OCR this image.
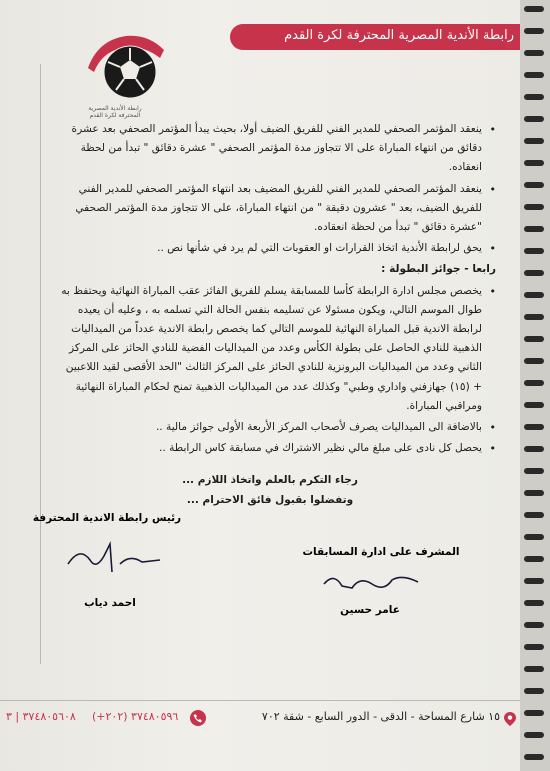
رابطة الأندية المصرية المحترفة لكرة القدم
رابطة الأندية المصرية المحترفة لكرة القدم

• ينعقد المؤتمر الصحفي للمدير الفني للفريق الضيف أولا، بحيث يبدأ المؤتمر الصحفي بعد عشرة دقائق من انتهاء المباراة على الا تتجاوز مدة المؤتمر الصحفي " عشرة دقائق " تبدأ من لحظة انعقاده.

• ينعقد المؤتمر الصحفي للمدير الفني للفريق المضيف بعد انتهاء المؤتمر الصحفي للمدير الفني للفريق الضيف، بعد " عشرون دقيقة " من انتهاء المباراة، على الا تتجاوز مدة المؤتمر الصحفي "عشرة دقائق " تبدأ من لحظة انعقاده.

• يحق لرابطة الأندية اتخاذ القرارات او العقوبات التي لم يرد في شأنها نص ..

رابعا - جوائز البطولة :

• يخصص مجلس ادارة الرابطة كأسا للمسابقة يسلم للفريق الفائز عقب المباراة النهائية ويحتفظ به طوال الموسم التالي، ويكون مسئولا عن تسليمه بنفس الحالة التي تسلمه به ، وعليه أن يعيده لرابطة الاندية قبل المباراة النهائية للموسم التالي كما يخصص رابطة الاندية عدداً من الميداليات الذهبية للنادي الحاصل على بطولة الكأس وعدد من الميداليات الفضية للنادي الحائز على المركز الثاني وعدد من الميداليات البرونزية للنادي الحائز على المركز الثالث "الحد الأقصى لقيد اللاعبين + (١٥) جهازفني واداري وطبي" وكذلك عدد من الميداليات الذهبية تمنح لحكام المباراة النهائية ومراقبي المباراة.

• بالاضافة الى الميداليات يصرف لأصحاب المركز الأربعة الأولى جوائز مالية ..

• يحصل كل نادى على مبلغ مالي نظير الاشتراك في مسابقة كاس الرابطة ..

رجاء التكرم بالعلم واتخاذ اللازم ...
وتفضلوا بقبول فائق الاحترام ...
رئيس رابطة الاندية المحترفة
احمد دياب
المشرف على ادارة المسابقات
عامر حسين
١٥ شارع المساحة - الدقى - الدور السابع - شقة ٧٠٢
(+٢٠٢) ٣٧٤٨٠٥٩٦
٣٧٤٨٠٥٦٠٨ | ٣
